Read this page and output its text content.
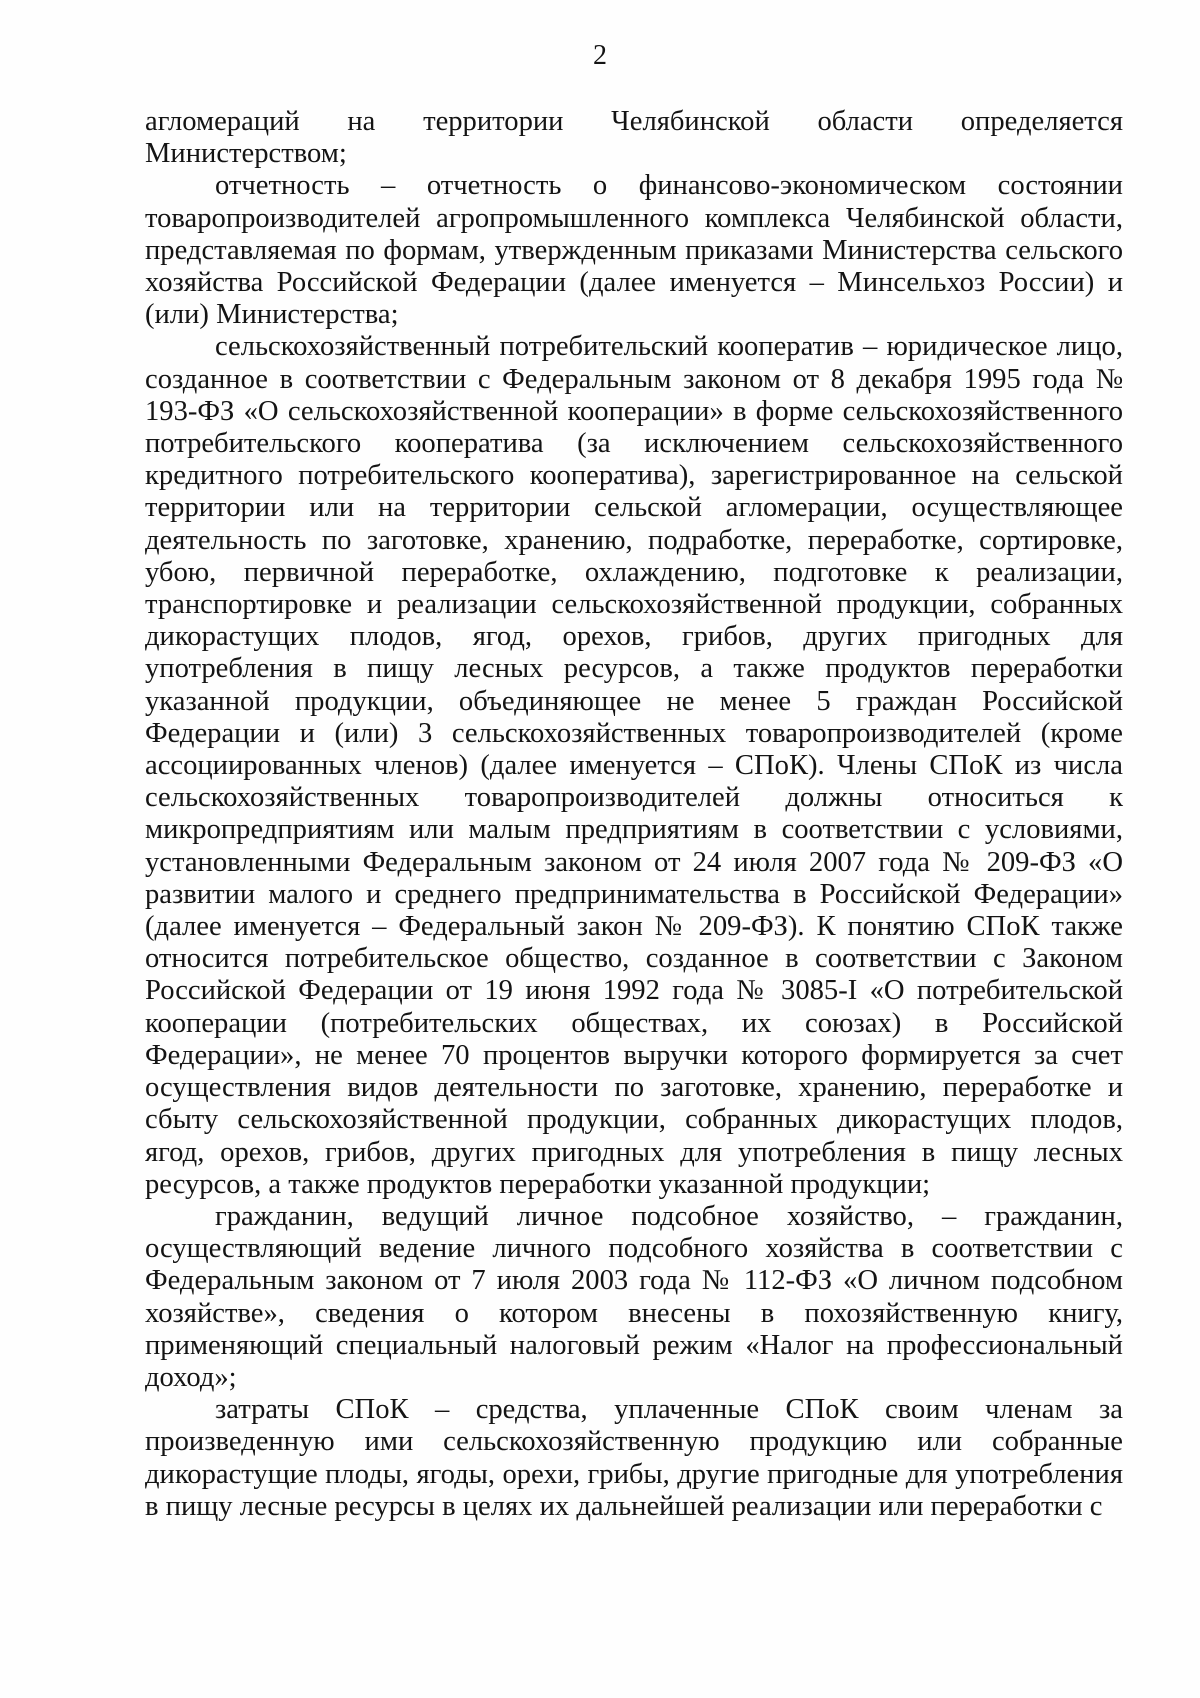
2

агломераций на территории Челябинской области определяется Министерством;

отчетность – отчетность о финансово-экономическом состоянии товаропроизводителей агропромышленного комплекса Челябинской области, представляемая по формам, утвержденным приказами Министерства сельского хозяйства Российской Федерации (далее именуется – Минсельхоз России) и (или) Министерства;

сельскохозяйственный потребительский кооператив – юридическое лицо, созданное в соответствии с Федеральным законом от 8 декабря 1995 года № 193-ФЗ «О сельскохозяйственной кооперации» в форме сельскохозяйственного потребительского кооператива (за исключением сельскохозяйственного кредитного потребительского кооператива), зарегистрированное на сельской территории или на территории сельской агломерации, осуществляющее деятельность по заготовке, хранению, подработке, переработке, сортировке, убою, первичной переработке, охлаждению, подготовке к реализации, транспортировке и реализации сельскохозяйственной продукции, собранных дикорастущих плодов, ягод, орехов, грибов, других пригодных для употребления в пищу лесных ресурсов, а также продуктов переработки указанной продукции, объединяющее не менее 5 граждан Российской Федерации и (или) 3 сельскохозяйственных товаропроизводителей (кроме ассоциированных членов) (далее именуется – СПоК). Члены СПоК из числа сельскохозяйственных товаропроизводителей должны относиться к микропредприятиям или малым предприятиям в соответствии с условиями, установленными Федеральным законом от 24 июля 2007 года № 209-ФЗ «О развитии малого и среднего предпринимательства в Российской Федерации» (далее именуется – Федеральный закон № 209-ФЗ). К понятию СПоК также относится потребительское общество, созданное в соответствии с Законом Российской Федерации от 19 июня 1992 года № 3085-I «О потребительской кооперации (потребительских обществах, их союзах) в Российской Федерации», не менее 70 процентов выручки которого формируется за счет осуществления видов деятельности по заготовке, хранению, переработке и сбыту сельскохозяйственной продукции, собранных дикорастущих плодов, ягод, орехов, грибов, других пригодных для употребления в пищу лесных ресурсов, а также продуктов переработки указанной продукции;

гражданин, ведущий личное подсобное хозяйство, – гражданин, осуществляющий ведение личного подсобного хозяйства в соответствии с Федеральным законом от 7 июля 2003 года № 112-ФЗ «О личном подсобном хозяйстве», сведения о котором внесены в похозяйственную книгу, применяющий специальный налоговый режим «Налог на профессиональный доход»;

затраты СПоК – средства, уплаченные СПоК своим членам за произведенную ими сельскохозяйственную продукцию или собранные дикорастущие плоды, ягоды, орехи, грибы, другие пригодные для употребления в пищу лесные ресурсы в целях их дальнейшей реализации или переработки с
